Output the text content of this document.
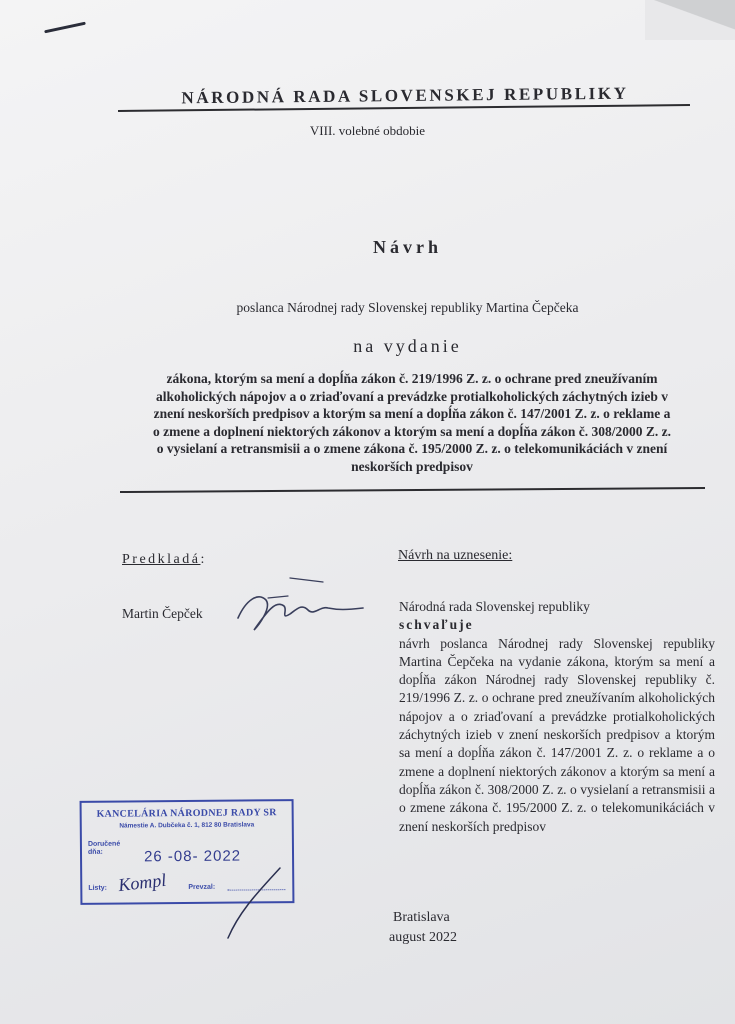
NÁRODNÁ RADA SLOVENSKEJ REPUBLIKY
VIII. volebné obdobie
Návrh
poslanca Národnej rady Slovenskej republiky Martina Čepčeka
na vydanie
zákona, ktorým sa mení a dopĺňa zákon č. 219/1996 Z. z. o ochrane pred zneužívaním
alkoholických nápojov a o zriaďovaní a prevádzke protialkoholických záchytných izieb v
znení neskorších predpisov a ktorým sa mení a dopĺňa zákon č. 147/2001 Z. z. o reklame a
o zmene a doplnení niektorých zákonov a ktorým sa mení a dopĺňa zákon č. 308/2000 Z. z.
o vysielaní a retransmisii a o zmene zákona č. 195/2000 Z. z. o telekomunikáciách v znení
neskorších predpisov
Predkladá:	Návrh na uznesenie:
Martin Čepček	Národná rada Slovenskej republiky
schvaľuje
návrh poslanca Národnej rady Slovenskej republiky Martina Čepčeka na vydanie zákona, ktorým sa mení a dopĺňa zákon Národnej rady Slovenskej republiky č. 219/1996 Z. z. o ochrane pred zneužívaním alkoholických nápojov a o zriaďovaní a prevádzke protialkoholických záchytných izieb v znení neskorších predpisov a ktorým sa mení a dopĺňa zákon č. 147/2001 Z. z. o reklame a o zmene a doplnení niektorých zákonov a ktorým sa mení a dopĺňa zákon č. 308/2000 Z. z. o vysielaní a retransmisii a o zmene zákona č. 195/2000 Z. z. o telekomunikáciách v znení neskorších predpisov
Bratislava
august 2022
KANCELÁRIA NÁRODNEJ RADY SR
Námestie A. Dubčeka č. 1, 812 80 Bratislava
Doručené
dňa:	26 -08- 2022
Listy: Kompl	Prevzal:
